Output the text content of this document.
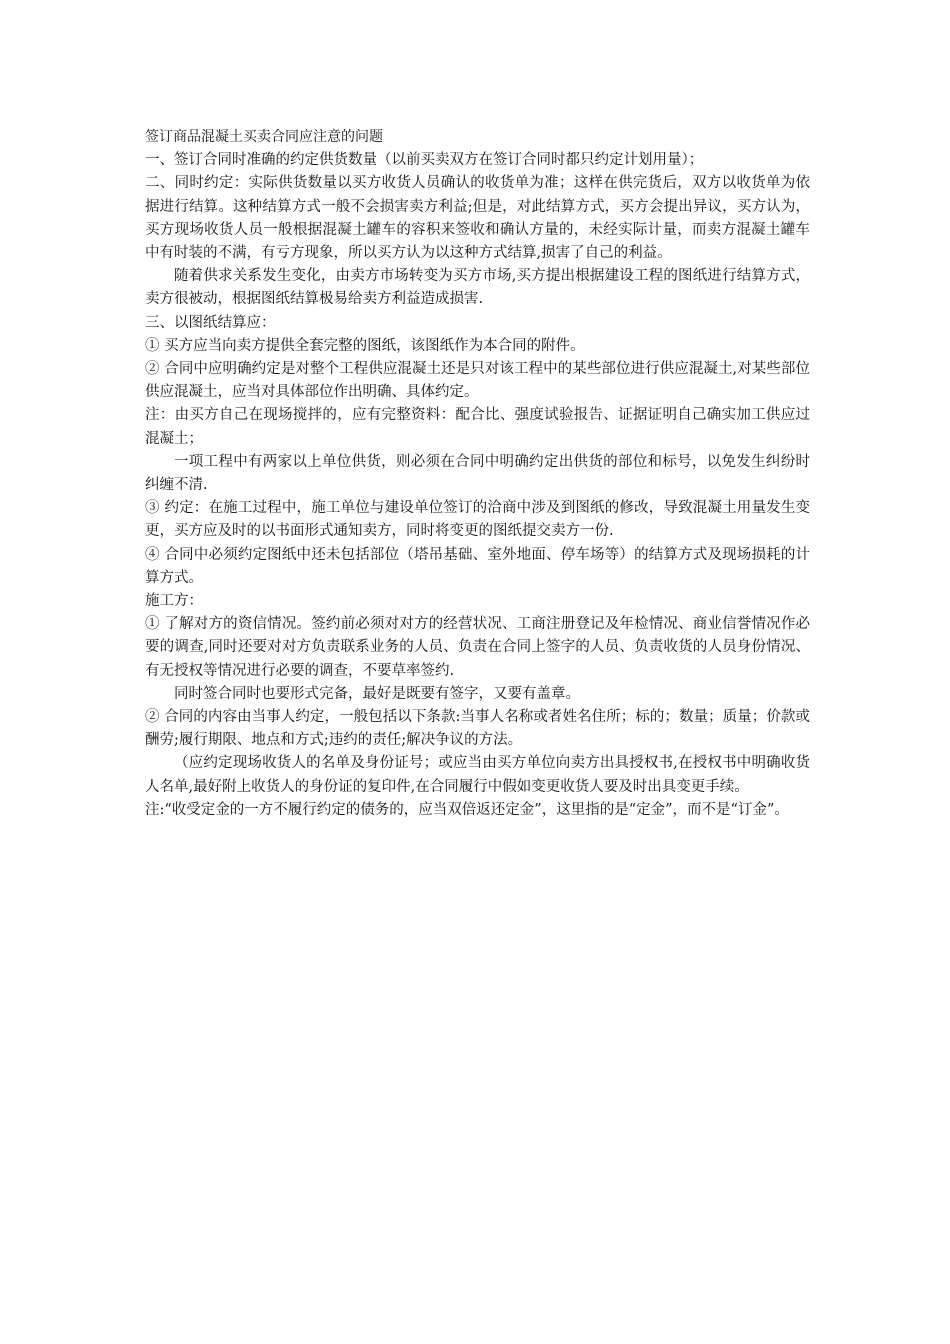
签订商品混凝土买卖合同应注意的问题

一、签订合同时准确的约定供货数量（以前买卖双方在签订合同时都只约定计划用量）；

二、同时约定：实际供货数量以买方收货人员确认的收货单为准；这样在供完货后，双方以收货单为依据进行结算。这种结算方式一般不会损害卖方利益;但是，对此结算方式，买方会提出异议，买方认为，买方现场收货人员一般根据混凝土罐车的容积来签收和确认方量的，未经实际计量，而卖方混凝土罐车中有时装的不满，有亏方现象，所以买方认为以这种方式结算,损害了自己的利益。

随着供求关系发生变化，由卖方市场转变为买方市场,买方提出根据建设工程的图纸进行结算方式，卖方很被动，根据图纸结算极易给卖方利益造成损害.

三、以图纸结算应：

① 买方应当向卖方提供全套完整的图纸，该图纸作为本合同的附件。

② 合同中应明确约定是对整个工程供应混凝土还是只对该工程中的某些部位进行供应混凝土,对某些部位供应混凝土，应当对具体部位作出明确、具体约定。

注：由买方自己在现场搅拌的，应有完整资料：配合比、强度试验报告、证据证明自己确实加工供应过混凝土；

一项工程中有两家以上单位供货，则必须在合同中明确约定出供货的部位和标号，以免发生纠纷时纠缠不清.

③ 约定：在施工过程中，施工单位与建设单位签订的洽商中涉及到图纸的修改，导致混凝土用量发生变更，买方应及时的以书面形式通知卖方，同时将变更的图纸提交卖方一份.

④ 合同中必须约定图纸中还未包括部位（塔吊基础、室外地面、停车场等）的结算方式及现场损耗的计算方式。

施工方：

① 了解对方的资信情况。签约前必须对对方的经营状况、工商注册登记及年检情况、商业信誉情况作必要的调查,同时还要对对方负责联系业务的人员、负责在合同上签字的人员、负责收货的人员身份情况、有无授权等情况进行必要的调查，不要草率签约.

同时签合同时也要形式完备，最好是既要有签字，又要有盖章。

② 合同的内容由当事人约定，一般包括以下条款:当事人名称或者姓名住所；标的；数量；质量；价款或酬劳;履行期限、地点和方式;违约的责任;解决争议的方法。

（应约定现场收货人的名单及身份证号；或应当由买方单位向卖方出具授权书,在授权书中明确收货人名单,最好附上收货人的身份证的复印件,在合同履行中假如变更收货人要及时出具变更手续。

注:“收受定金的一方不履行约定的债务的，应当双倍返还定金”，这里指的是“定金”，而不是“订金”。
